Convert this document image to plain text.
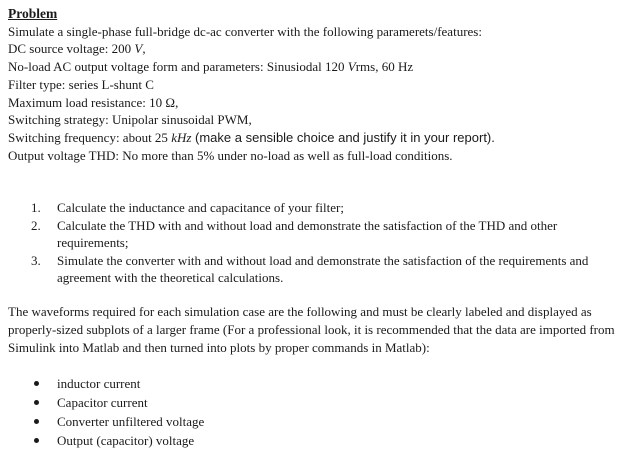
Problem
Simulate a single-phase full-bridge dc-ac converter with the following paramerets/features:
DC source voltage: 200 V,
No-load AC output voltage form and parameters: Sinusiodal 120 Vrms, 60 Hz
Filter type: series L-shunt C
Maximum load resistance: 10 Ω,
Switching strategy: Unipolar sinusoidal PWM,
Switching frequency: about 25 kHz (make a sensible choice and justify it in your report).
Output voltage THD: No more than 5% under no-load as well as full-load conditions.
1. Calculate the inductance and capacitance of your filter;
2. Calculate the THD with and without load and demonstrate the satisfaction of the THD and other requirements;
3. Simulate the converter with and without load and demonstrate the satisfaction of the requirements and agreement with the theoretical calculations.
The waveforms required for each simulation case are the following and must be clearly labeled and displayed as properly-sized subplots of a larger frame (For a professional look, it is recommended that the data are imported from Simulink into Matlab and then turned into plots by proper commands in Matlab):
inductor current
Capacitor current
Converter unfiltered voltage
Output (capacitor) voltage
